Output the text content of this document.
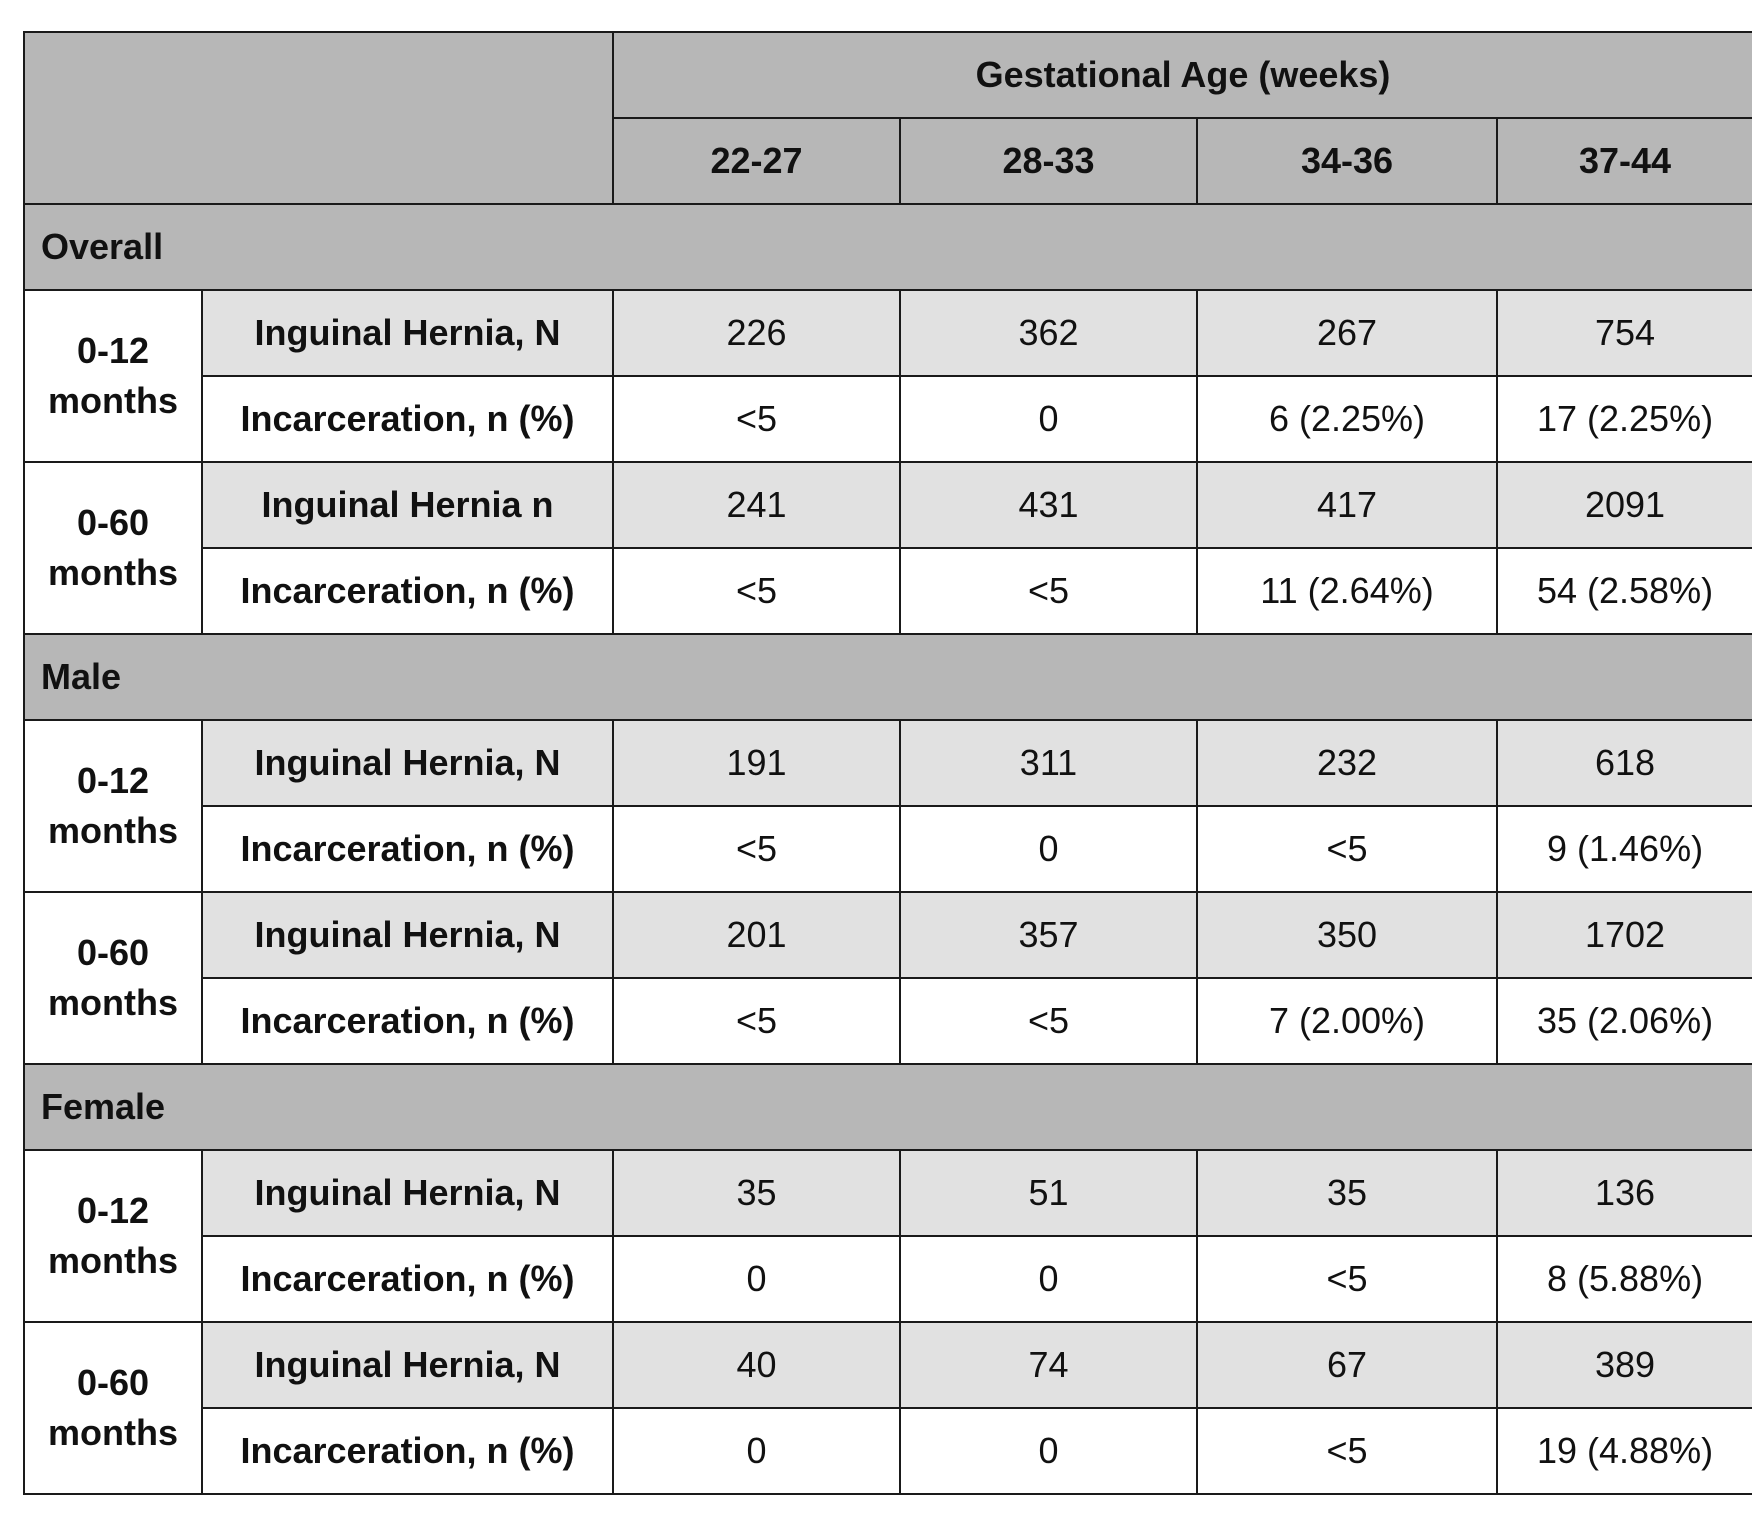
		Gestational Age (weeks)			
		22-27	28-33	34-36	37-44
Overall					
0-12 months	Inguinal Hernia, N	226	362	267	754
	Incarceration, n (%)	<5	0	6 (2.25%)	17 (2.25%)
0-60 months	Inguinal Hernia n	241	431	417	2091
	Incarceration, n (%)	<5	<5	11 (2.64%)	54 (2.58%)
Male					
0-12 months	Inguinal Hernia, N	191	311	232	618
	Incarceration, n (%)	<5	0	<5	9 (1.46%)
0-60 months	Inguinal Hernia, N	201	357	350	1702
	Incarceration, n (%)	<5	<5	7 (2.00%)	35 (2.06%)
Female					
0-12 months	Inguinal Hernia, N	35	51	35	136
	Incarceration, n (%)	0	0	<5	8 (5.88%)
0-60 months	Inguinal Hernia, N	40	74	67	389
	Incarceration, n (%)	0	0	<5	19 (4.88%)
